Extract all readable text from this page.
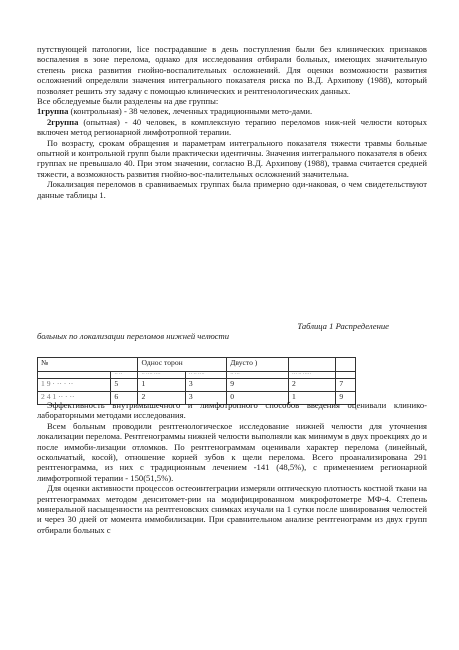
путствующей патологии, lice пострадавшие в день поступления были без клинических признаков воспаления в зоне перелома, однако для исследования отбирали больных, имеющих значительную степень риска развития гнойно-воспалительных осложнений. Для оценки возможности развития осложнений определяли значения интегрального показателя риска по В.Д. Архипову (1988), который позволяет решить эту задачу с помощью клинических и рентгенологических данных.

Все обследуемые были разделены на две группы:

1группа (контрольная) - 38 человек, леченных традиционными мето-дами.

2группа (опытная) - 40 человек, в комплексную терапию переломов ниж-ней челюсти которых включен метод регионарной лимфотропной терапии.

По возрасту, срокам обращения и параметрам интегрального показателя тяжести травмы больные опытной и контрольной групп были практически идентичны. Значения интегрального показателя в обеих группах не превышало 40. При этом значении, согласно В.Д. Архипову (1988), травма считается средней тяжести, а возможность развития гнойно-вос-палительных осложнений значительна.

Локализация переломов в сравниваемых группах была примерно оди-наковая, о чем свидетельствуют данные таблицы 1.

Таблица 1 Распределение
больных по локализации переломов нижней челюсти
№		Однос торон		Двусто )		
	·· ··	·· ···· ····	·· ·· ····	·· ···	··· ·· ·····	
1 9 · ·· · ··	5	1	3	9	2	7
2 4 1 ·· · ··	6	2	3	0	1	9

Эффективность внутримышечного и лимфотропного способов введения оценивали клинико-лабораторными методами исследования.

Всем больным проводили рентгенологическое исследование нижней челюсти для уточнения локализации перелома. Рентгенограммы нижней челюсти выполняли как минимум в двух проекциях до и после иммоби-лизации отломков. По рентгенограммам оценивали характер перелома (линейный, оскольчатый, косой), отношение корней зубов к щели перелома. Всего проанализирована 291 рентгенограмма, из них с традиционным лечением -141 (48,5%), с применением регионарной лимфотропной терапии - 150(51,5%).

Для оценки активности процессов остеоинтеграции измеряли оптическую плотность костной ткани на рентгенограммах методом денситомет-рии на модифицированном микрофотометре МФ-4. Степень минеральной насыщенности на рентгеновских снимках изучали на 1 сутки после шинирования челюстей и через 30 дней от момента иммобилизации. При сравнительном анализе рентгенограмм из двух групп отбирали больных с
